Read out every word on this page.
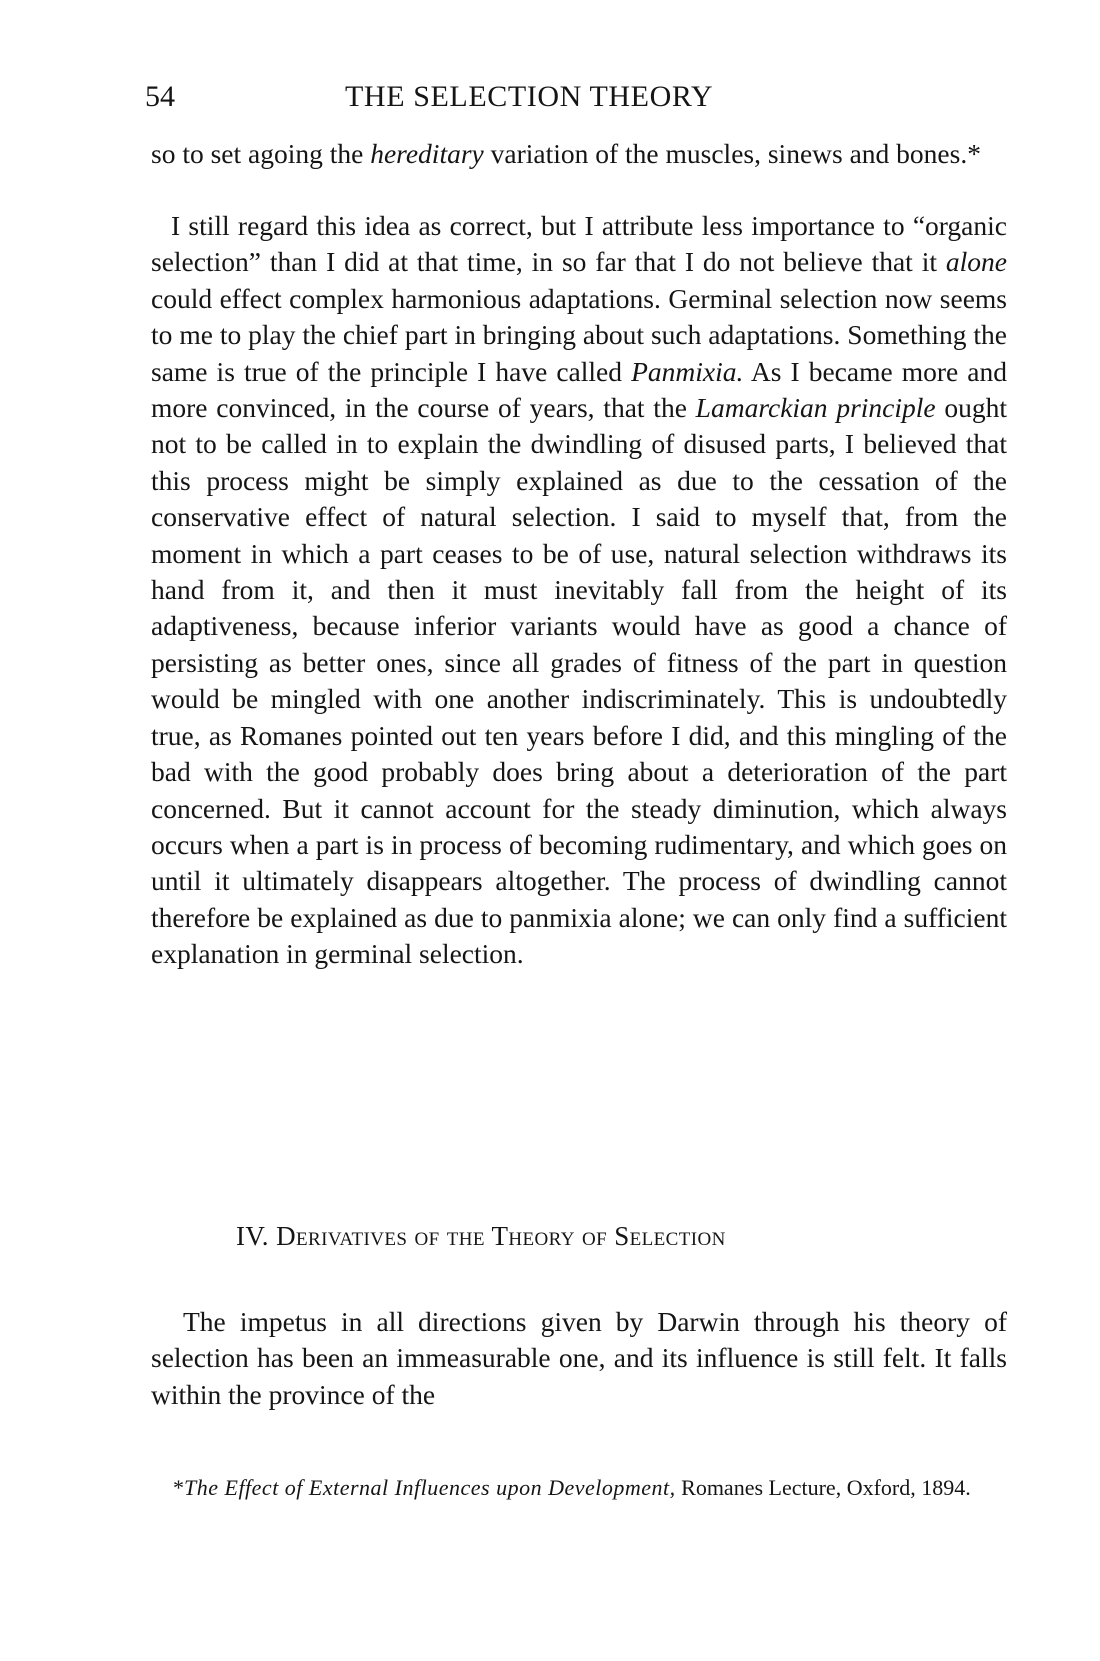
54	THE SELECTION THEORY

so to set agoing the hereditary variation of the muscles, sinews and bones.*

I still regard this idea as correct, but I attribute less importance to “organic selection” than I did at that time, in so far that I do not believe that it alone could effect complex harmonious adaptations. Germinal selection now seems to me to play the chief part in bringing about such adaptations. Something the same is true of the principle I have called Panmixia. As I became more and more convinced, in the course of years, that the Lamarckian principle ought not to be called in to explain the dwindling of disused parts, I believed that this process might be simply explained as due to the cessation of the conservative effect of natural selection. I said to myself that, from the moment in which a part ceases to be of use, natural selection withdraws its hand from it, and then it must inevitably fall from the height of its adaptiveness, because inferior variants would have as good a chance of persisting as better ones, since all grades of fitness of the part in question would be mingled with one another indiscriminately. This is undoubtedly true, as Romanes pointed out ten years before I did, and this mingling of the bad with the good probably does bring about a deterioration of the part concerned. But it cannot account for the steady diminution, which always occurs when a part is in process of becoming rudimentary, and which goes on until it ultimately disappears altogether. The process of dwindling cannot therefore be explained as due to panmixia alone; we can only find a sufficient explanation in germinal selection.

IV. Derivatives of the Theory of Selection

The impetus in all directions given by Darwin through his theory of selection has been an immeasurable one, and its influence is still felt. It falls within the province of the

*The Effect of External Influences upon Development, Romanes Lecture, Oxford, 1894.
